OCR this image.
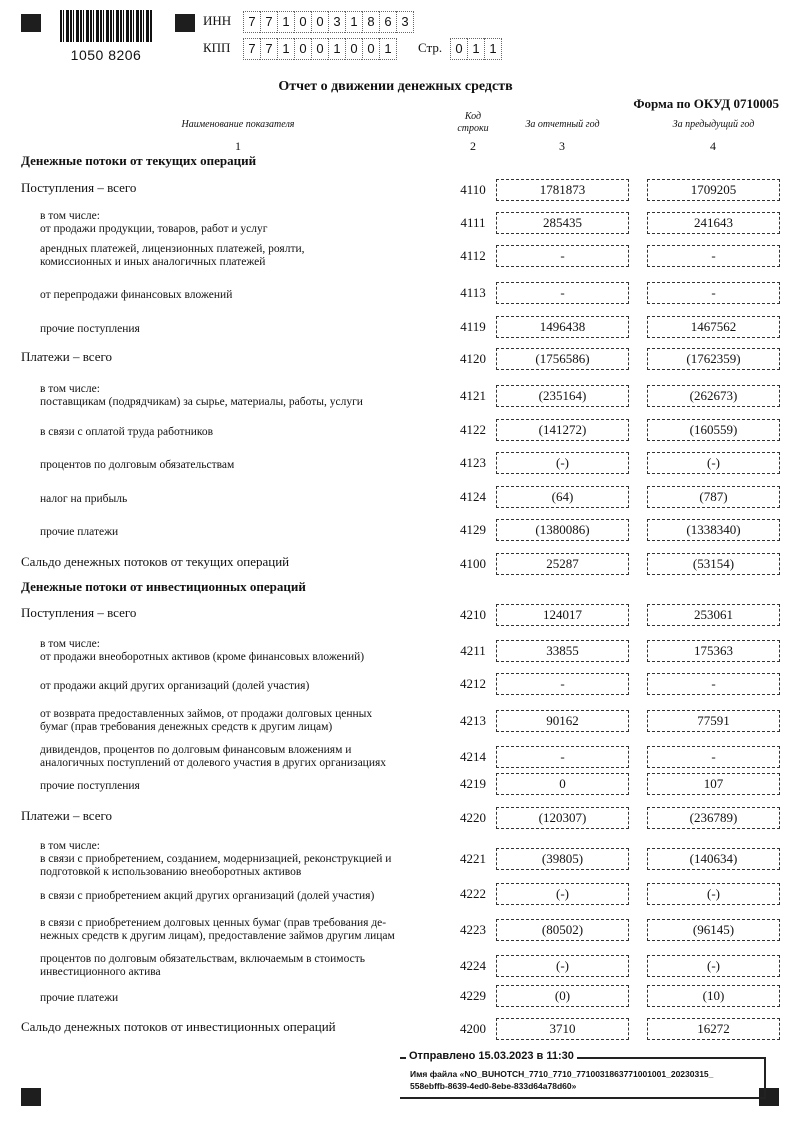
1050 8206
ИНН	7 7 1 0 0 3 1 8 6 3
КПП	7 7 1 0 0 1 0 0 1	Стр.	0 1 1
Отчет о движении денежных средств
Форма по ОКУД 0710005
Наименование показателя
Код
строки	За отчетный год	За предыдущий год
1	2	3	4
Денежные потоки от текущих операций
Денежные потоки от инвестиционных операций
Поступления – всего	4110	1781873	1709205
в том числе:
от продажи продукции, товаров, работ и услуг	4111	285435	241643
арендных платежей, лицензионных платежей, роялти,
комиссионных и иных аналогичных платежей	4112	-	-
от перепродажи финансовых вложений	4113	-	-
прочие поступления	4119	1496438	1467562
Платежи – всего	4120	(1756586)	(1762359)
в том числе:
поставщикам (подрядчикам) за сырье, материалы, работы, услуги	4121	(235164)	(262673)
в связи с оплатой труда работников	4122	(141272)	(160559)
процентов по долговым обязательствам	4123	(-)	(-)
налог на прибыль	4124	(64)	(787)
прочие платежи	4129	(1380086)	(1338340)
Сальдо денежных потоков от текущих операций	4100	25287	(53154)
Поступления – всего	4210	124017	253061
в том числе:
от продажи внеоборотных активов (кроме финансовых вложений)	4211	33855	175363
от продажи акций других организаций (долей участия)	4212	-	-
от возврата предоставленных займов, от продажи долговых ценных
бумаг (прав требования денежных средств к другим лицам)	4213	90162	77591
дивидендов, процентов по долговым финансовым вложениям и
аналогичных поступлений от долевого участия в других организациях	4214	-	-
прочие поступления	4219	0	107
Платежи – всего	4220	(120307)	(236789)
в том числе:
в связи с приобретением, созданием, модернизацией, реконструкцией и
подготовкой к использованию внеоборотных активов
4221	(39805)	(140634)
в связи с приобретением акций других организаций (долей участия)	4222	(-)	(-)
в связи с приобретением долговых ценных бумаг (прав требования де-
нежных средств к другим лицам), предоставление займов другим лицам	4223	(80502)	(96145)
процентов по долговым обязательствам, включаемым в стоимость
инвестиционного актива	4224	(-)	(-)
прочие платежи	4229	(0)	(10)
Сальдо денежных потоков от инвестиционных операций	4200	3710	16272
Отправлено 15.03.2023 в 11:30
Имя файла «NO_BUHOTCH_7710_7710_7710031863771001001_20230315_
558ebffb-8639-4ed0-8ebe-833d64a78d60»
